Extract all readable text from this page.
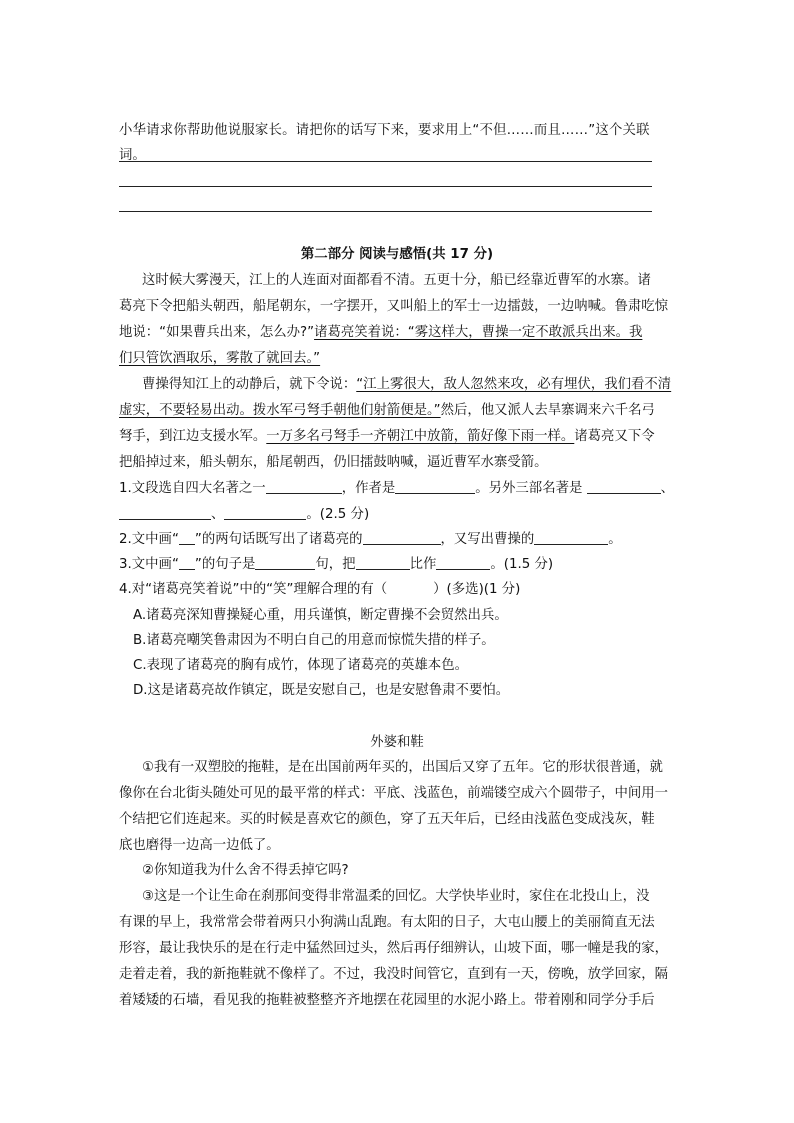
小华请求你帮助他说服家长。请把你的话写下来，要求用上“不但……而且……”这个关联
词。
第二部分 阅读与感悟(共 17 分)
这时候大雾漫天，江上的人连面对面都看不清。五更十分，船已经靠近曹军的水寨。诸
葛亮下令把船头朝西，船尾朝东，一字摆开，又叫船上的军士一边擂鼓，一边呐喊。鲁肃吃惊
地说：“如果曹兵出来，怎么办?”诸葛亮笑着说：“雾这样大，曹操一定不敢派兵出来。我
们只管饮酒取乐，雾散了就回去。”
曹操得知江上的动静后，就下令说：“江上雾很大，敌人忽然来攻，必有埋伏，我们看不清
虚实，不要轻易出动。拨水军弓弩手朝他们射箭便是。”然后，他又派人去旱寨调来六千名弓
弩手，到江边支援水军。一万多名弓弩手一齐朝江中放箭，箭好像下雨一样。诸葛亮又下令
把船掉过来，船头朝东，船尾朝西，仍旧擂鼓呐喊，逼近曹军水寨受箭。
1.文段选自四大名著之一	，作者是	。另外三部名著是	、
、	。(2.5 分)
2.文中画“ ”的两句话既写出了诸葛亮的	，又写出曹操的	。
3.文中画“ ”的句子是	句，把	比作	。(1.5 分)
4.对“诸葛亮笑着说”中的“笑”理解合理的有（	）(多选)(1 分)
A.诸葛亮深知曹操疑心重，用兵谨慎，断定曹操不会贸然出兵。
B.诸葛亮嘲笑鲁肃因为不明白自己的用意而惊慌失措的样子。
C.表现了诸葛亮的胸有成竹，体现了诸葛亮的英雄本色。
D.这是诸葛亮故作镇定，既是安慰自己，也是安慰鲁肃不要怕。
外婆和鞋
①我有一双塑胶的拖鞋，是在出国前两年买的，出国后又穿了五年。它的形状很普通，就
像你在台北街头随处可见的最平常的样式：平底、浅蓝色，前端镂空成六个圆带子，中间用一
个结把它们连起来。买的时候是喜欢它的颜色，穿了五天年后，已经由浅蓝色变成浅灰，鞋
底也磨得一边高一边低了。
②你知道我为什么舍不得丢掉它吗?
③这是一个让生命在刹那间变得非常温柔的回忆。大学快毕业时，家住在北投山上，没
有课的早上，我常常会带着两只小狗满山乱跑。有太阳的日子，大屯山腰上的美丽简直无法
形容，最让我快乐的是在行走中猛然回过头，然后再仔细辨认，山坡下面，哪一幢是我的家，
走着走着，我的新拖鞋就不像样了。不过，我没时间管它，直到有一天，傍晚，放学回家，隔
着矮矮的石墙，看见我的拖鞋被整整齐齐地摆在花园里的水泥小路上。带着刚和同学分手后
